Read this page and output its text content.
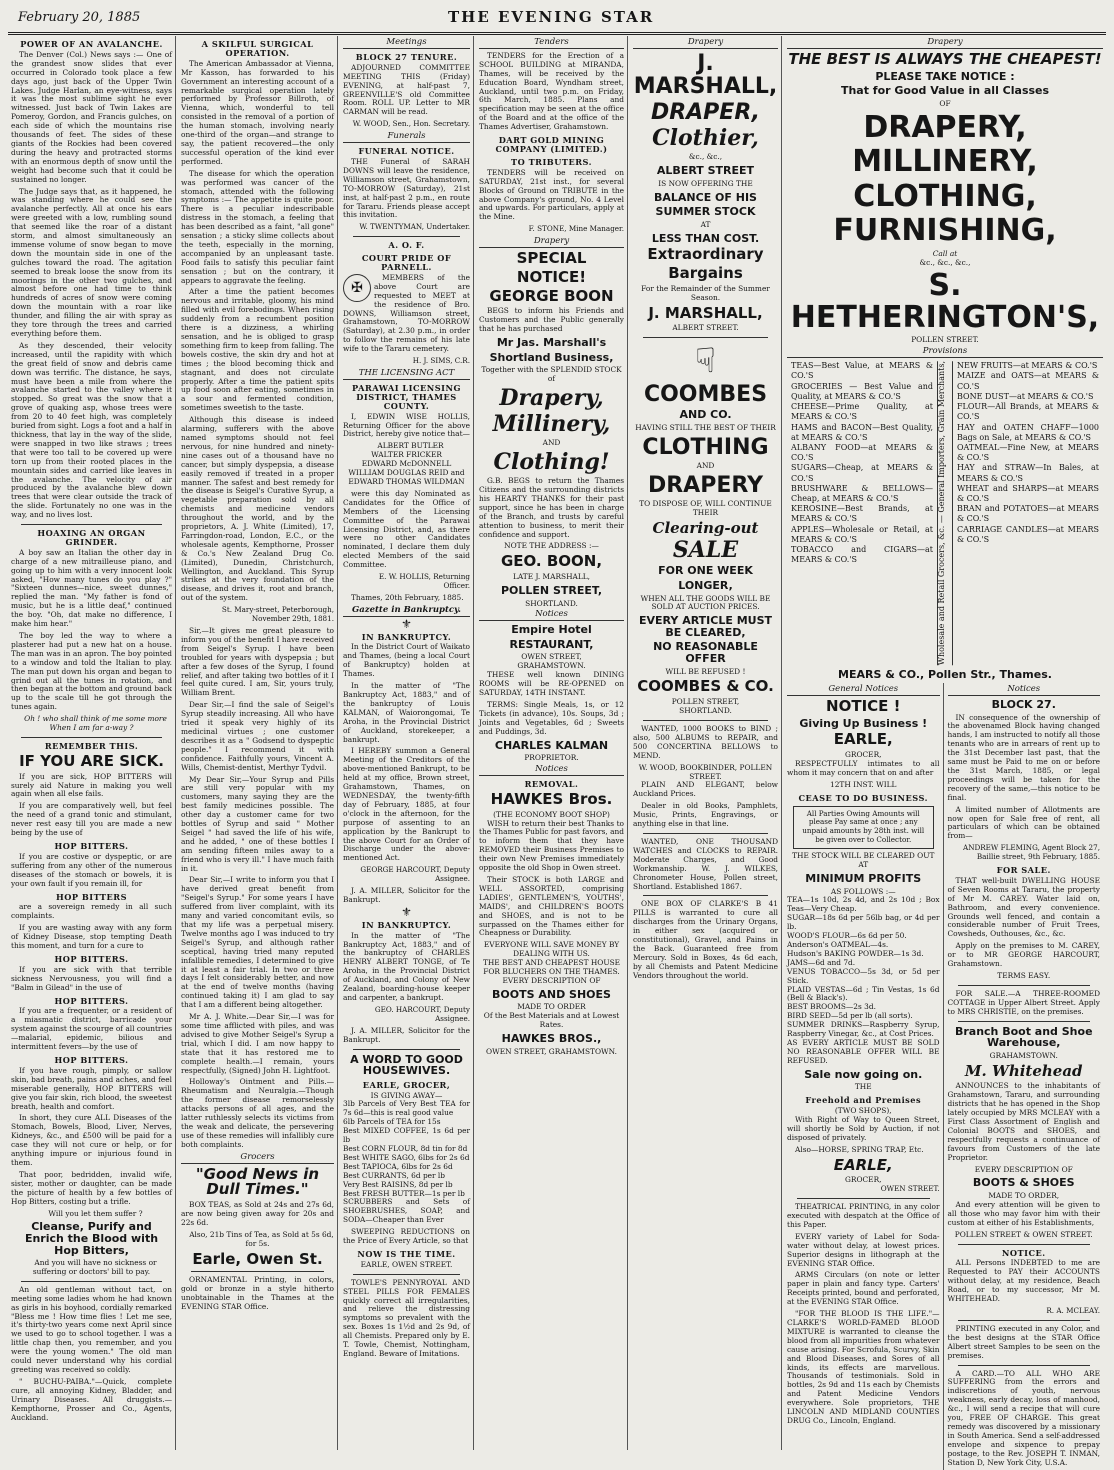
February 20, 1885	THE EVENING STAR
POWER OF AN AVALANCHE.

The Denver (Col.) News says :— One of the grandest snow slides that ever occurred in Colorado took place a few days ago, just back of the Upper Twin Lakes. Judge Harlan, an eye-witness, says it was the most sublime sight he ever witnessed. Just back of Twin Lakes are Pomeroy, Gordon, and Francis gulches, on each side of which the mountains rise thousands of feet. The sides of these giants of the Rockies had been covered during the heavy and protracted storms with an enormous depth of snow until the weight had become such that it could be sustained no longer.

The Judge says that, as it happened, he was standing where he could see the avalanche perfectly. All at once his ears were greeted with a low, rumbling sound that seemed like the roar of a distant storm, and almost simultaneously an immense volume of snow began to move down the mountain side in one of the gulches toward the road. The agitation seemed to break loose the snow from its moorings in the other two gulches, and almost before one had time to think hundreds of acres of snow were coming down the mountain with a roar like thunder, and filling the air with spray as they tore through the trees and carried everything before them.

As they descended, their velocity increased, until the rapidity with which the great field of snow and debris came down was terrific. The distance, he says, must have been a mile from where the avalanche started to the valley where it stopped. So great was the snow that a grove of quaking asp, whose trees were from 20 to 40 feet high, was completely buried from sight. Logs a foot and a half in thickness, that lay in the way of the slide, were snapped in two like straws ; trees that were too tall to be covered up were torn up from their rooted places in the mountain sides and carried like leaves in the avalanche. The velocity of air produced by the avalanche blew down trees that were clear outside the track of the slide. Fortunately no one was in the way, and no lives lost.

HOAXING AN ORGAN GRINDER.

A boy saw an Italian the other day in charge of a new mitrailleuse piano, and going up to him with a very innocent look asked, "How many tunes do you play ?" "Sixteen dunnes—nice, sweet dunnes," replied the man. "My father is fond of music, but he is a little deaf," continued the boy. "Oh, dat make no difference, I make him hear."

The boy led the way to where a plasterer had put a new hat on a house. The man was in an apron. The boy pointed to a window and told the Italian to play. The man put down his organ and began to grind out all the tunes in rotation, and then began at the bottom and ground back up to the scale till he got through the tunes again.

Oh ! who shall think of me some more When I am far a-way ?

REMEMBER THIS.
IF YOU ARE SICK.

If you are sick, HOP BITTERS will surely aid Nature in making you well again when all else fails.

If you are comparatively well, but feel the need of a grand tonic and stimulant, never rest easy till you are made a new being by the use of

HOP BITTERS.

If you are costive or dyspeptic, or are suffering from any other of the numerous diseases of the stomach or bowels, it is your own fault if you remain ill, for

HOP BITTERS

are a sovereign remedy in all such complaints.

If you are wasting away with any form of Kidney Disease, stop tempting Death this moment, and turn for a cure to

HOP BITTERS.

If you are sick with that terrible sickness Nervousness, you will find a "Balm in Gilead" in the use of

HOP BITTERS.

If you are a frequenter, or a resident of a miasmatic district, barricade your system against the scourge of all countries —malarial, epidemic, bilious and intermittent fevers—by the use of

HOP BITTERS.

If you have rough, pimply, or sallow skin, bad breath, pains and aches, and feel miserable generally, HOP BITTERS will give you fair skin, rich blood, the sweetest breath, health and comfort.

In short, they cure ALL Diseases of the Stomach, Bowels, Blood, Liver, Nerves, Kidneys, &c., and £500 will be paid for a case they will not cure or help, or for anything impure or injurious found in them.

That poor, bedridden, invalid wife, sister, mother or daughter, can be made the picture of health by a few bottles of Hop Bitters, costing but a trifle.

Will you let them suffer ?

Cleanse, Purify and Enrich the Blood with Hop Bitters,

And you will have no sickness or suffering or doctors' bill to pay.

An old gentleman without tact, on meeting some ladies whom he had known as girls in his boyhood, cordially remarked "Bless me ! How time flies ! Let me see, it's thirty-two years come next April since we used to go to school together. I was a little chap then, you remember, and you were the young women." The old man could never understand why his cordial greeting was received so coldly.

" BUCHU-PAIBA."—Quick, complete cure, all annoying Kidney, Bladder, and Urinary Diseases. All druggists.—Kempthorne, Prosser and Co., Agents, Auckland.

A SKILFUL SURGICAL OPERATION.

The American Ambassador at Vienna, Mr Kasson, has forwarded to his Government an interesting account of a remarkable surgical operation lately performed by Professor Billroth, of Vienna, which, wonderful to tell consisted in the removal of a portion of the human stomach, involving nearly one-third of the organ—and strange to say, the patient recovered—the only successful operation of the kind ever performed.

The disease for which the operation was performed was cancer of the stomach, attended with the following symptoms :— The appetite is quite poor. There is a peculiar indescribable distress in the stomach, a feeling that has been described as a faint, "all gone" sensation ; a sticky slime collects about the teeth, especially in the morning, accompanied by an unpleasant taste. Food fails to satisfy this peculiar faint sensation ; but on the contrary, it appears to aggravate the feeling.

After a time the patient becomes nervous and irritable, gloomy, his mind filled with evil forebodings. When rising suddenly from a recumbent position there is a dizziness, a whirling sensation, and he is obliged to grasp something firm to keep from falling. The bowels costive, the skin dry and hot at times ; the blood becoming thick and stagnant, and does not circulate properly. After a time the patient spits up food soon after eating, sometimes in a sour and fermented condition, sometimes sweetish to the taste.

Although this disease is indeed alarming, sufferers with the above named symptoms should not feel nervous, for nine hundred and ninety-nine cases out of a thousand have no cancer, but simply dyspepsia, a disease easily removed if treated in a proper manner. The safest and best remedy for the disease is Seigel's Curative Syrup, a vegetable preparation sold by all chemists and medicine vendors throughout the world, and by the proprietors, A. J. White (Limited), 17, Farringdon-road, London, E.C., or the wholesale agents, Kempthorne, Prosser & Co.'s New Zealand Drug Co. (Limited), Dunedin, Christchurch, Wellington, and Auckland. This Syrup strikes at the very foundation of the disease, and drives it, root and branch, out of the system.

St. Mary-street, Peterborough, November 29th, 1881.

Sir,—It gives me great pleasure to inform you of the benefit I have received from Seigel's Syrup. I have been troubled for years with dyspepsia ; but after a few doses of the Syrup, I found relief, and after taking two bottles of it I feel quite cured. I am, Sir, yours truly, William Brent.

Dear Sir,—I find the sale of Seigel's Syrup steadily increasing. All who have tried it speak very highly of its medicinal virtues ; one customer describes it as a " Godsend to dyspeptic people." I recommend it with confidence. Faithfully yours, Vincent A. Wills, Chemist-dentist, Merthyr Tydvil.

My Dear Sir,—Your Syrup and Pills are still very popular with my customers, many saying they are the best family medicines possible. The other day a customer came for two bottles of Syrup and said " Mother Seigel " had saved the life of his wife, and he added, " one of these bottles I am sending fifteen miles away to a friend who is very ill." I have much faith in it.

Dear Sir,—I write to inform you that I have derived great benefit from "Seigel's Syrup." For some years I have suffered from liver complaint, with its many and varied concomitant evils, so that my life was a perpetual misery. Twelve months ago I was induced to try Seigel's Syrup, and although rather sceptical, having tried many reputed infallible remedies, I determined to give it at least a fair trial. In two or three days I felt considerably better, and now at the end of twelve months (having continued taking it) I am glad to say that I am a different being altogether.

Mr A. J. White.—Dear Sir,—I was for some time afflicted with piles, and was advised to give Mother Seigel's Syrup a trial, which I did. I am now happy to state that it has restored me to complete health.—I remain, yours respectfully, (Signed) John H. Lightfoot.

Holloway's Ointment and Pills.—Rheumatism and Neuralgia.—Though the former disease remorselessly attacks persons of all ages, and the latter ruthlessly selects its victims from the weak and delicate, the persevering use of these remedies will infallibly cure both complaints.

Grocers
"Good News in Dull Times."

BOX TEAS, as Sold at 24s and 27s 6d, are now being given away for 20s and 22s 6d.

Also, 21b Tins of Tea, as Sold at 5s 6d, for 5s.

Earle, Owen St.

ORNAMENTAL Printing, in colors, gold or bronze in a style hitherto unobtainable in the Thames at the EVENING STAR Office.

Meetings
BLOCK 27 TENURE.

ADJOURNED COMMITTEE MEETING THIS (Friday) EVENING, at half-past 7, GREENVILLE'S old Committee Room. ROLL UP. Letter to MR CARMAN will be read.

W. WOOD, Sen., Hon. Secretary.

Funerals
FUNERAL NOTICE.

THE Funeral of SARAH DOWNS will leave the residence, Williamson street, Grahamstown, TO-MORROW (Saturday), 21st inst, at half-past 2 p.m., en route for Tararu. Friends please accept this invitation.

W. TWENTYMAN, Undertaker.

A. O. F.
COURT PRIDE OF PARNELL.
✠

MEMBERS of the above Court are requested to MEET at the residence of Bro. DOWNS, Williamson street, Grahamstown, TO-MORROW (Saturday), at 2.30 p.m., in order to follow the remains of his late wife to the Tararu cemetery.

H. J. SIMS, C.R.

THE LICENSING ACT
PARAWAI LICENSING DISTRICT, THAMES COUNTY.

I, EDWIN WISE HOLLIS, Returning Officer for the above District, hereby give notice that—

ALBERT BUTLER
WALTER FRICKER
EDWARD McDONNELL
WILLIAM DOUGLAS REID and
EDWARD THOMAS WILDMAN

were this day Nominated as Candidates for the Office of Members of the Licensing Committee of the Parawai Licensing District, and, as there were no other Candidates nominated, I declare them duly elected Members of the said Committee.

E. W. HOLLIS, Returning Officer.

Thames, 20th February, 1885.

Gazette in Bankruptcy.
⚜
IN BANKRUPTCY.

In the District Court of Waikato and Thames, (being a local Court of Bankruptcy) holden at Thames.

In the matter of "The Bankruptcy Act, 1883," and of the bankruptcy of Louis KALMAN, of Waiorongomai, Te Aroha, in the Provincial District of Auckland, storekeeper, a bankrupt.

I HEREBY summon a General Meeting of the Creditors of the above-mentioned Bankrupt, to be held at my office, Brown street, Grahamstown, Thames, on WEDNESDAY, the twenty-fifth day of February, 1885, at four o'clock in the afternoon, for the purpose of assenting to an application by the Bankrupt to the above Court for an Order of Discharge under the above-mentioned Act.

GEORGE HARCOURT, Deputy Assignee.

J. A. MILLER, Solicitor for the Bankrupt.

⚜
IN BANKRUPTCY.

In the matter of "The Bankruptcy Act, 1883," and of the bankruptcy of CHARLES HENRY ALBERT TONGE, of Te Aroha, in the Provincial District of Auckland, and Colony of New Zealand, boarding-house keeper and carpenter, a bankrupt.

GEO. HARCOURT, Deputy Assignee.

J. A. MILLER, Solicitor for the Bankrupt.

A WORD TO GOOD HOUSEWIVES.
EARLE, GROCER,
IS GIVING AWAY—

3lb Parcels of Very Best TEA for 7s 6d—this is real good value
6lb Parcels of TEA for 15s
Best MIXED COFFEE, 1s 6d per lb
Best CORN FLOUR, 8d tin for 8d
Best WHITE SAGO, 6lbs for 2s 6d
Best TAPIOCA, 6lbs for 2s 6d
Best CURRANTS, 6d per lb
Very Best RAISINS, 8d per lb
Best FRESH BUTTER—1s per lb
SCRUBBERS and Sets of SHOEBRUSHES, SOAP, and SODA—Cheaper than Ever

SWEEPING REDUCTIONS on the Price of Every Article, so that

NOW IS THE TIME.
EARLE, OWEN STREET.

TOWLE'S PENNYROYAL AND STEEL PILLS FOR FEMALES quickly correct all irregularities, and relieve the distressing symptoms so prevalent with the sex. Boxes 1s 1½d and 2s 9d, of all Chemists. Prepared only by E. T. Towle, Chemist, Nottingham, England. Beware of Imitations.

Tenders

TENDERS for the Erection of a SCHOOL BUILDING at MIRANDA, Thames, will be received by the Education Board, Wyndham street, Auckland, until two p.m. on Friday, 6th March, 1885. Plans and specification may be seen at the office of the Board and at the office of the Thames Advertiser, Grahamstown.

DART GOLD MINING COMPANY (LIMITED.)
TO TRIBUTERS.

TENDERS will be received on SATURDAY, 21st inst., for several Blocks of Ground on TRIBUTE in the above Company's ground, No. 4 Level and upwards. For particulars, apply at the Mine.

F. STONE, Mine Manager.

Drapery
SPECIAL
NOTICE!
GEORGE BOON

BEGS to inform his Friends and Customers and the Public generally that he has purchased

Mr Jas. Marshall's
Shortland Business,
Together with the SPLENDID STOCK of
Drapery,
Millinery,
AND
Clothing!

G.B. BEGS to return the Thames Citizens and the surrounding districts his HEARTY THANKS for their past support, since he has been in charge of the Branch, and trusts by careful attention to business, to merit their confidence and support.

NOTE THE ADDRESS :—
GEO. BOON,
LATE J. MARSHALL,
POLLEN STREET,
SHORTLAND.
Notices
Empire Hotel
RESTAURANT,
OWEN STREET,
GRAHAMSTOWN.

THESE well known DINING ROOMS will be RE-OPENED on SATURDAY, 14TH INSTANT.

TERMS: Single Meals, 1s, or 12 Tickets (in advance), 10s. Soups, 3d ; Joints and Vegetables, 6d ; Sweets and Puddings, 3d.

CHARLES KALMAN
PROPRIETOR.
Notices
REMOVAL.
HAWKES Bros.
(THE ECONOMY BOOT SHOP)

WISH to return their best Thanks to the Thames Public for past favors, and to inform them that they have REMOVED their Business Premises to their own New Premises immediately opposite the old Shop in Owen street.

Their STOCK is both LARGE and WELL ASSORTED, comprising LADIES', GENTLEMEN'S, YOUTHS', MAIDS', and CHILDREN'S BOOTS and SHOES, and is not to be surpassed on the Thames either for Cheapness or Durability.

EVERYONE WILL SAVE MONEY BY DEALING WITH US.
THE BEST AND CHEAPEST HOUSE FOR BLUCHERS ON THE THAMES.
EVERY DESCRIPTION OF
BOOTS AND SHOES
MADE TO ORDER
Of the Best Materials and at Lowest Rates.
HAWKES BROS.,
OWEN STREET, GRAHAMSTOWN.
Drapery
J. MARSHALL,
DRAPER,
Clothier,
&c., &c.,
ALBERT STREET
IS NOW OFFERING THE
BALANCE OF HIS
SUMMER STOCK
AT
LESS THAN COST.
Extraordinary
Bargains
For the Remainder of the Summer Season.
J. MARSHALL,
ALBERT STREET.
☟
COOMBES
AND CO.
HAVING STILL THE BEST OF THEIR
CLOTHING
AND
DRAPERY
TO DISPOSE OF, WILL CONTINUE THEIR
Clearing-out
SALE
FOR ONE WEEK
LONGER,
WHEN ALL THE GOODS WILL BE SOLD AT AUCTION PRICES.
EVERY ARTICLE MUST BE CLEARED,
NO REASONABLE OFFER
WILL BE REFUSED !
COOMBES & CO.
POLLEN STREET,
SHORTLAND.

WANTED, 1000 BOOKS to BIND ; also, 500 ALBUMS to REPAIR, and 500 CONCERTINA BELLOWS to MEND.

W. WOOD, BOOKBINDER, POLLEN STREET.

PLAIN AND ELEGANT, below Auckland Prices.

Dealer in old Books, Pamphlets, Music, Prints, Engravings, or anything else in that line.

WANTED, ONE THOUSAND WATCHES and CLOCKS to REPAIR. Moderate Charges, and Good Workmanship. W. J. WILKES, Chronometer House, Pollen street, Shortland. Established 1867.

ONE BOX OF CLARKE'S B 41 PILLS is warranted to cure all discharges from the Urinary Organs, in either sex (acquired or constitutional), Gravel, and Pains in the Back. Guaranteed free from Mercury. Sold in Boxes, 4s 6d each, by all Chemists and Patent Medicine Vendors throughout the world.

Drapery
THE BEST IS ALWAYS THE CHEAPEST!
PLEASE TAKE NOTICE :
That for Good Value in all Classes
OF
DRAPERY,
MILLINERY,
CLOTHING,
FURNISHING,
Call at
&c., &c., &c.,
S. HETHERINGTON'S,
POLLEN STREET.
Provisions
TEAS—Best Value, at MEARS & CO.'S
GROCERIES — Best Value and Quality, at MEARS & CO.'S
CHEESE—Prime Quality, at MEARS & CO.'S
HAMS and BACON—Best Quality, at MEARS & CO.'S
ALBANY FOOD—at MEARS & CO.'S
SUGARS—Cheap, at MEARS & CO.'S
BRUSHWARE & BELLOWS—Cheap, at MEARS & CO.'S
KEROSINE—Best Brands, at MEARS & CO.'S
APPLES—Wholesale or Retail, at MEARS & CO.'S
TOBACCO and CIGARS—at MEARS & CO.'S	Wholesale and Retail Grocers, &c. — General Importers, Grain Merchants,	NEW FRUITS—at MEARS & CO.'S
MAIZE and OATS—at MEARS & CO.'S
BONE DUST—at MEARS & CO.'S
FLOUR—All Brands, at MEARS & CO.'S
HAY and OATEN CHAFF—1000 Bags on Sale, at MEARS & CO.'S
OATMEAL—Fine New, at MEARS & CO.'S
HAY and STRAW—In Bales, at MEARS & CO.'S
WHEAT and SHARPS—at MEARS & CO.'S
BRAN and POTATOES—at MEARS & CO.'S
CARRIAGE CANDLES—at MEARS & CO.'S
MEARS & CO., Pollen Str., Thames.
General Notices
NOTICE !
Giving Up Business !
EARLE,
GROCER,

RESPECTFULLY intimates to all whom it may concern that on and after

12TH INST. WILL
CEASE TO DO BUSINESS.
All Parties Owing Amounts will please Pay same at once ; any unpaid amounts by 28th inst. will be given over to Collector.
THE STOCK WILL BE CLEARED OUT AT
MINIMUM PROFITS
AS FOLLOWS :—

TEA—1s 10d, 2s 4d, and 2s 10d ; Box Teas—Very Cheap.
SUGAR—18s 6d per 56lb bag, or 4d per lb.
WOOD'S FLOUR—6s 6d per 50.
Anderson's OATMEAL—4s.
Hudson's BAKING POWDER—1s 3d.
JAMS—6d and 7d.
VENUS TOBACCO—5s 3d, or 5d per Stick.
PLAID VESTAS—6d ; Tin Vestas, 1s 6d (Bell & Black's).
BEST BROOMS—2s 3d.
BIRD SEED—5d per lb (all sorts).
SUMMER DRINKS—Raspberry Syrup, Raspberry Vinegar, &c., at Cost Prices.
AS EVERY ARTICLE MUST BE SOLD NO REASONABLE OFFER WILL BE REFUSED.

Sale now going on.
THE
Freehold and Premises
(TWO SHOPS),

With Right of Way to Queen Street, will shortly be Sold by Auction, if not disposed of privately.

Also—HORSE, SPRING TRAP, Etc.

EARLE,
GROCER,
OWEN STREET.

THEATRICAL PRINTING, in any color executed with despatch at the Office of this Paper.

EVERY variety of Label for Soda-water without delay, at lowest prices. Superior designs in lithograph at the EVENING STAR Office.

ARMS Circulars (on note or letter paper in plain and fancy type. Carters' Receipts printed, bound and perforated, at the EVENING STAR Office.

"FOR THE BLOOD IS THE LIFE."— CLARKE'S WORLD-FAMED BLOOD MIXTURE is warranted to cleanse the blood from all impurities from whatever cause arising. For Scrofula, Scurvy, Skin and Blood Diseases, and Sores of all kinds, its effects are marvellous. Thousands of testimonials. Sold in bottles, 2s 9d and 11s each by Chemists and Patent Medicine Vendors everywhere. Sole proprietors, THE LINCOLN AND MIDLAND COUNTIES DRUG Co., Lincoln, England.

Notices
BLOCK 27.

IN consequence of the ownership of the abovenamed Block having changed hands, I am instructed to notify all those tenants who are in arrears of rent up to the 31st December last past, that the same must be Paid to me on or before the 31st March, 1885, or legal proceedings will be taken for the recovery of the same,—this notice to be final.

A limited number of Allotments are now open for Sale free of rent, all particulars of which can be obtained from—

ANDREW FLEMING, Agent Block 27, Baillie street, 9th February, 1885.

FOR SALE.

THAT well-built DWELLING HOUSE of Seven Rooms at Tararu, the property of Mr M. CAREY. Water laid on, Bathroom, and every convenience. Grounds well fenced, and contain a considerable number of Fruit Trees, Cowsheds, Outhouses, &c., &c.

Apply on the premises to M. CAREY, or to MR GEORGE HARCOURT, Grahamstown.

TERMS EASY.

FOR SALE.—A THREE-ROOMED COTTAGE in Upper Albert Street. Apply to MRS CHRISTIE, on the premises.

Branch Boot and Shoe Warehouse,
GRAHAMSTOWN.
M. Whitehead

ANNOUNCES to the inhabitants of Grahamstown, Tararu, and surrounding districts that he has opened in the Shop lately occupied by MRS MCLEAY with a First Class Assortment of English and Colonial BOOTS and SHOES, and respectfully requests a continuance of favours from Customers of the late Proprietor.

EVERY DESCRIPTION OF
BOOTS & SHOES
MADE TO ORDER,

And every attention will be given to all those who may favor him with their custom at either of his Establishments,

POLLEN STREET & OWEN STREET.
NOTICE.

ALL Persons INDEBTED to me are Requested to PAY their ACCOUNTS without delay, at my residence, Beach Road, or to my successor, Mr M. WHITEHEAD.

R. A. MCLEAY.

PRINTING executed in any Color, and the best designs at the STAR Office Albert street Samples to be seen on the premises.

A CARD.—TO ALL WHO ARE SUFFERING from the errors and indiscretions of youth, nervous weakness, early decay, loss of manhood, &c., I will send a recipe that will cure you, FREE OF CHARGE. This great remedy was discovered by a missionary in South America. Send a self-addressed envelope and sixpence to prepay postage, to the Rev. JOSEPH T. INMAN, Station D, New York City, U.S.A.
